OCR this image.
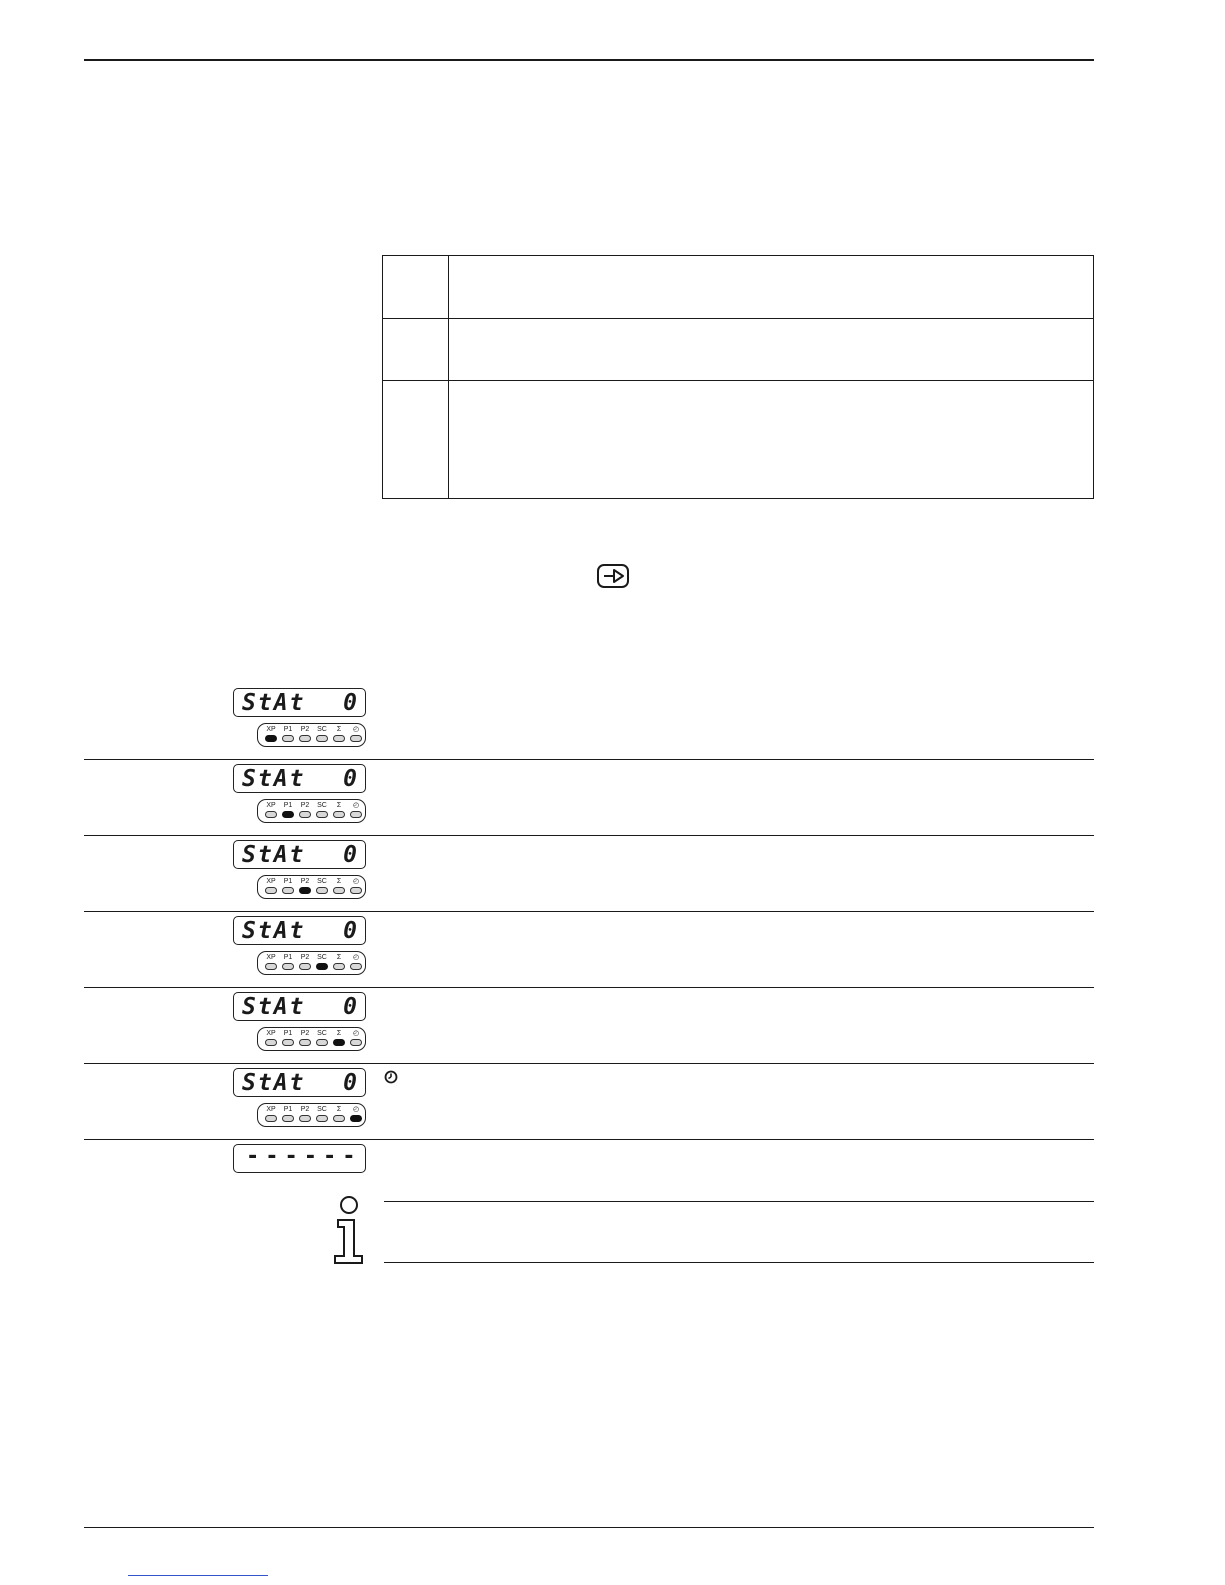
StAt 0
XP	P1	P2	SC	Σ	◴
StAt 0
XP	P1	P2	SC	Σ	◴
StAt 0
XP	P1	P2	SC	Σ	◴
StAt 0
XP	P1	P2	SC	Σ	◴
StAt 0
XP	P1	P2	SC	Σ	◴
StAt 0
XP	P1	P2	SC	Σ	◴
------
